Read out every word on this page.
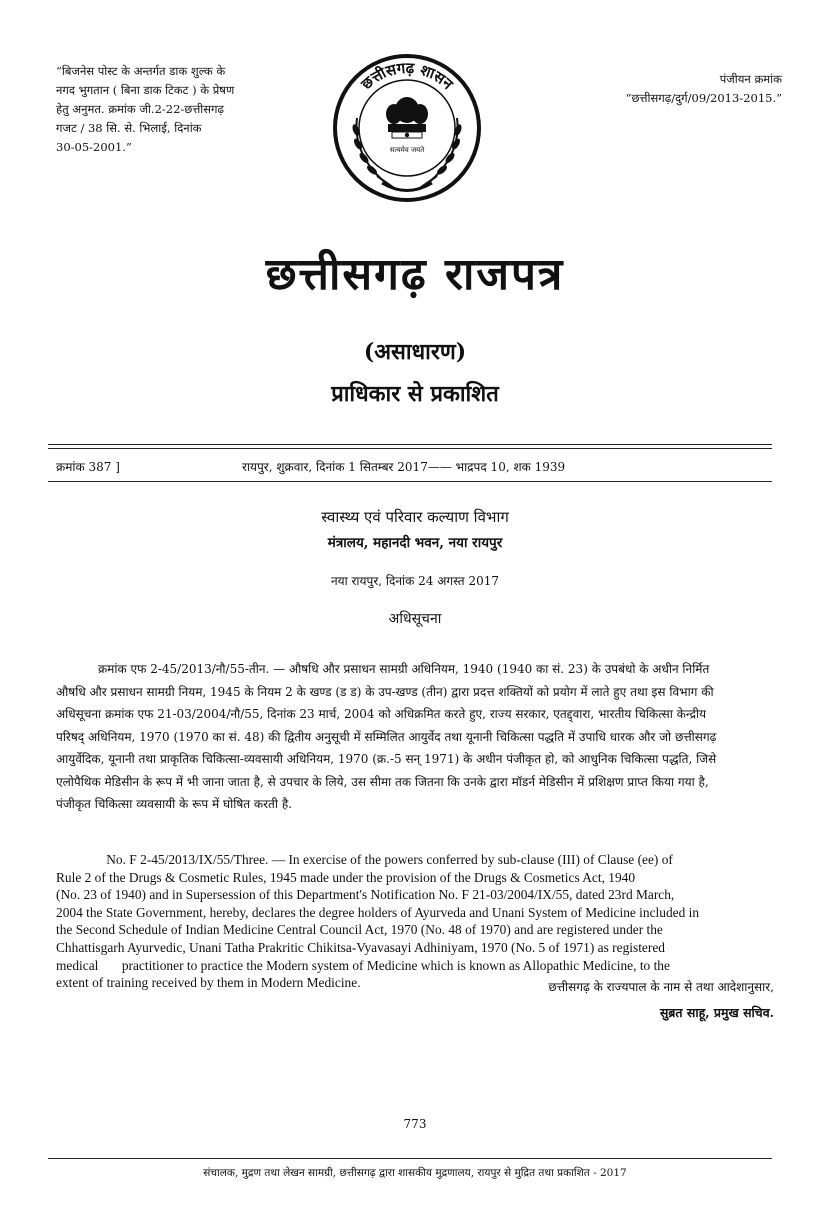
“बिजनेस पोस्ट के अन्तर्गत डाक शुल्क के
नगद भुगतान ( बिना डाक टिकट ) के प्रेषण
हेतु अनुमत. क्रमांक जी.2-22-छत्तीसगढ़
गजट / 38 सि. से. भिलाई, दिनांक
30-05-2001.”
पंजीयन क्रमांक
“छत्तीसगढ़/दुर्ग/09/2013-2015.”
छत्तीसगढ़ शासन
सत्यमेव जयते
छत्तीसगढ़ राजपत्र
(असाधारण)
प्राधिकार से प्रकाशित
क्रमांक 387 ]	रायपुर, शुक्रवार, दिनांक 1 सितम्बर 2017—— भाद्रपद 10, शक 1939
स्वास्थ्य एवं परिवार कल्याण विभाग
मंत्रालय, महानदी भवन, नया रायपुर
नया रायपुर, दिनांक 24 अगस्त 2017
अधिसूचना
क्रमांक एफ 2-45/2013/नौ/55-तीन. — औषधि और प्रसाधन सामग्री अधिनियम, 1940 (1940 का सं. 23) के उपबंधो के अधीन निर्मित
औषधि और प्रसाधन सामग्री नियम, 1945 के नियम 2 के खण्ड (ड ड) के उप-खण्ड (तीन) द्वारा प्रदत्त शक्तियों को प्रयोग में लाते हुए तथा इस विभाग की
अधिसूचना क्रमांक एफ 21-03/2004/नौ/55, दिनांक 23 मार्च, 2004 को अधिक्रमित करते हुए, राज्य सरकार, एतद्द्वारा, भारतीय चिकित्सा केन्द्रीय
परिषद् अधिनियम, 1970 (1970 का सं. 48) की द्वितीय अनुसूची में सम्मिलित आयुर्वेद तथा यूनानी चिकित्सा पद्धति में उपाधि धारक और जो छत्तीसगढ़
आयुर्वेदिक, यूनानी तथा प्राकृतिक चिकित्सा-व्यवसायी अधिनियम, 1970 (क्र.-5 सन् 1971) के अधीन पंजीकृत हो, को आधुनिक चिकित्सा पद्धति, जिसे
एलोपैथिक मेडिसीन के रूप में भी जाना जाता है, से उपचार के लिये, उस सीमा तक जितना कि उनके द्वारा मॉडर्न मेडिसीन में प्रशिक्षण प्राप्त किया गया है,
पंजीकृत चिकित्सा व्यवसायी के रूप में घोषित करती है.
No. F 2-45/2013/IX/55/Three. — In exercise of the powers conferred by sub-clause (III) of Clause (ee) of
Rule 2 of the Drugs & Cosmetic Rules, 1945 made under the provision of the Drugs & Cosmetics Act, 1940
(No. 23 of 1940) and in Supersession of this Department's Notification No. F 21-03/2004/IX/55, dated 23rd March,
2004 the State Government, hereby, declares the degree holders of Ayurveda and Unani System of Medicine included in
the Second Schedule of Indian Medicine Central Council Act, 1970 (No. 48 of 1970) and are registered under the
Chhattisgarh Ayurvedic, Unani Tatha Prakritic Chikitsa-Vyavasayi Adhiniyam, 1970 (No. 5 of 1971) as registered
medical       practitioner to practice the Modern system of Medicine which is known as Allopathic Medicine, to the
extent of training received by them in Modern Medicine.	छत्तीसगढ़ के राज्यपाल के नाम से तथा आदेशानुसार,
सुब्रत साहू, प्रमुख सचिव.
773
संचालक, मुद्रण तथा लेखन सामग्री, छत्तीसगढ़ द्वारा शासकीय मुद्रणालय, रायपुर से मुद्रित तथा प्रकाशित - 2017
